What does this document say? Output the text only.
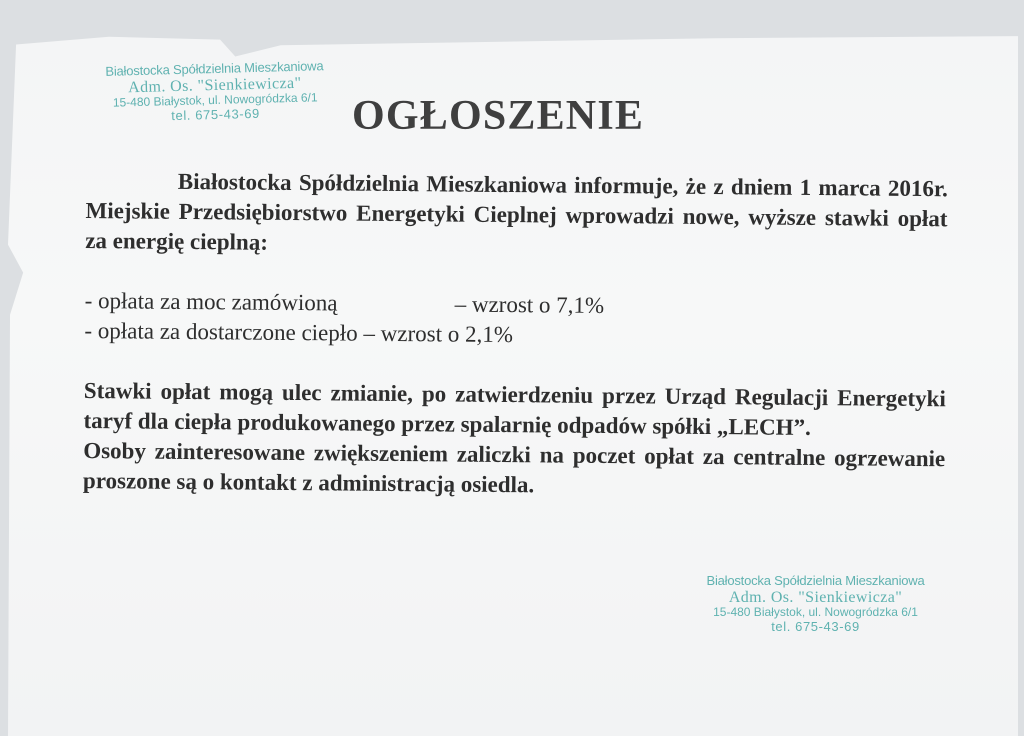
Białostocka Spółdzielnia Mieszkaniowa
Adm. Os. "Sienkiewicza"
15-480 Białystok, ul. Nowogródzka 6/1
tel. 675-43-69	OGŁOSZENIE

Białostocka Spółdzielnia Mieszkaniowa informuje, że z dniem 1 marca 2016r. Miejskie Przedsiębiorstwo Energetyki Cieplnej wprowadzi nowe, wyższe stawki opłat za energię cieplną:

- opłata za moc zamówioną	– wzrost o 7,1%

- opłata za dostarczone ciepło – wzrost o 2,1%

Stawki opłat mogą ulec zmianie, po zatwierdzeniu przez Urząd Regulacji Energetyki taryf dla ciepła produkowanego przez spalarnię odpadów spółki „LECH”.

Osoby zainteresowane zwiększeniem zaliczki na poczet opłat za centralne ogrzewanie proszone są o kontakt z administracją osiedla.

Białostocka Spółdzielnia Mieszkaniowa
Adm. Os. "Sienkiewicza"
15-480 Białystok, ul. Nowogródzka 6/1
tel. 675-43-69
